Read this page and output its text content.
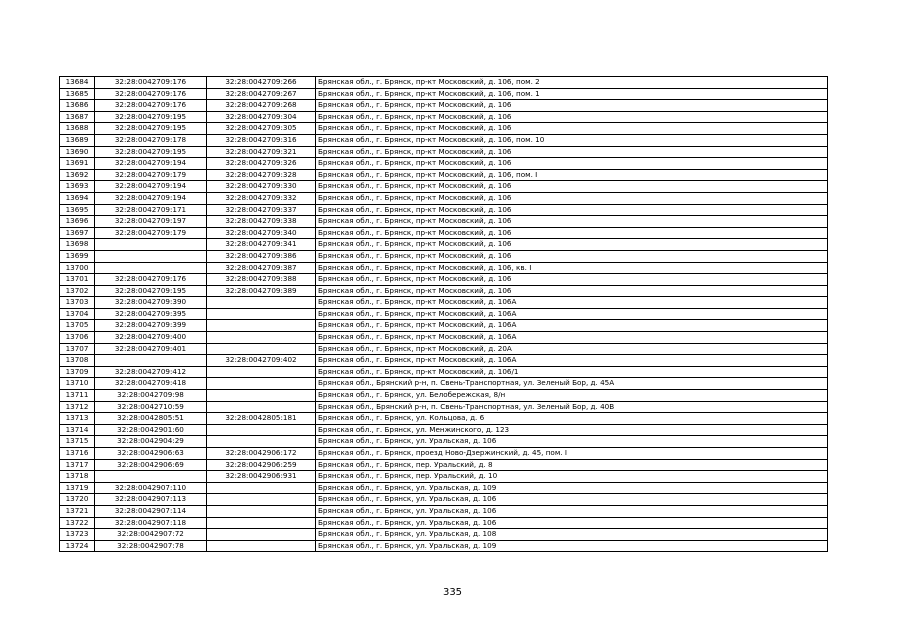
13684	32:28:0042709:176	32:28:0042709:266	Брянская обл., г. Брянск, пр-кт Московский, д. 106, пом. 2
13685	32:28:0042709:176	32:28:0042709:267	Брянская обл., г. Брянск, пр-кт Московский, д. 106, пом. 1
13686	32:28:0042709:176	32:28:0042709:268	Брянская обл., г. Брянск, пр-кт Московский, д. 106
13687	32:28:0042709:195	32:28:0042709:304	Брянская обл., г. Брянск, пр-кт Московский, д. 106
13688	32:28:0042709:195	32:28:0042709:305	Брянская обл., г. Брянск, пр-кт Московский, д. 106
13689	32:28:0042709:178	32:28:0042709:316	Брянская обл., г. Брянск, пр-кт Московский, д. 106, пом. 10
13690	32:28:0042709:195	32:28:0042709:321	Брянская обл., г. Брянск, пр-кт Московский, д. 106
13691	32:28:0042709:194	32:28:0042709:326	Брянская обл., г. Брянск, пр-кт Московский, д. 106
13692	32:28:0042709:179	32:28:0042709:328	Брянская обл., г. Брянск, пр-кт Московский, д. 106, пом. I
13693	32:28:0042709:194	32:28:0042709:330	Брянская обл., г. Брянск, пр-кт Московский, д. 106
13694	32:28:0042709:194	32:28:0042709:332	Брянская обл., г. Брянск, пр-кт Московский, д. 106
13695	32:28:0042709:171	32:28:0042709:337	Брянская обл., г. Брянск, пр-кт Московский, д. 106
13696	32:28:0042709:197	32:28:0042709:338	Брянская обл., г. Брянск, пр-кт Московский, д. 106
13697	32:28:0042709:179	32:28:0042709:340	Брянская обл., г. Брянск, пр-кт Московский, д. 106
13698		32:28:0042709:341	Брянская обл., г. Брянск, пр-кт Московский, д. 106
13699		32:28:0042709:386	Брянская обл., г. Брянск, пр-кт Московский, д. 106
13700		32:28:0042709:387	Брянская обл., г. Брянск, пр-кт Московский, д. 106, кв. I
13701	32:28:0042709:176	32:28:0042709:388	Брянская обл., г. Брянск, пр-кт Московский, д. 106
13702	32:28:0042709:195	32:28:0042709:389	Брянская обл., г. Брянск, пр-кт Московский, д. 106
13703	32:28:0042709:390		Брянская обл., г. Брянск, пр-кт Московский, д. 106А
13704	32:28:0042709:395		Брянская обл., г. Брянск, пр-кт Московский, д. 106А
13705	32:28:0042709:399		Брянская обл., г. Брянск, пр-кт Московский, д. 106А
13706	32:28:0042709:400		Брянская обл., г. Брянск, пр-кт Московский, д. 106А
13707	32:28:0042709:401		Брянская обл., г. Брянск, пр-кт Московский, д. 20А
13708		32:28:0042709:402	Брянская обл., г. Брянск, пр-кт Московский, д. 106А
13709	32:28:0042709:412		Брянская обл., г. Брянск, пр-кт Московский, д. 106/1
13710	32:28:0042709:418		Брянская обл., Брянский р-н, п. Свень-Транспортная, ул. Зеленый Бор, д. 45А
13711	32:28:0042709:98		Брянская обл., г. Брянск, ул. Белобережская, 8/н
13712	32:28:0042710:59		Брянская обл., Брянский р-н, п. Свень-Транспортная, ул. Зеленый Бор, д. 40В
13713	32:28:0042805:51	32:28:0042805:181	Брянская обл., г. Брянск, ул. Кольцова, д. 6
13714	32:28:0042901:60		Брянская обл., г. Брянск, ул. Менжинского, д. 123
13715	32:28:0042904:29		Брянская обл., г. Брянск, ул. Уральская, д. 106
13716	32:28:0042906:63	32:28:0042906:172	Брянская обл., г. Брянск, проезд Ново-Дзержинский, д. 45, пом. I
13717	32:28:0042906:69	32:28:0042906:259	Брянская обл., г. Брянск, пер. Уральский, д. 8
13718		32:28:0042906:931	Брянская обл., г. Брянск, пер. Уральский, д. 10
13719	32:28:0042907:110		Брянская обл., г. Брянск, ул. Уральская, д. 109
13720	32:28:0042907:113		Брянская обл., г. Брянск, ул. Уральская, д. 106
13721	32:28:0042907:114		Брянская обл., г. Брянск, ул. Уральская, д. 106
13722	32:28:0042907:118		Брянская обл., г. Брянск, ул. Уральская, д. 106
13723	32:28:0042907:72		Брянская обл., г. Брянск, ул. Уральская, д. 108
13724	32:28:0042907:78		Брянская обл., г. Брянск, ул. Уральская, д. 109
335
